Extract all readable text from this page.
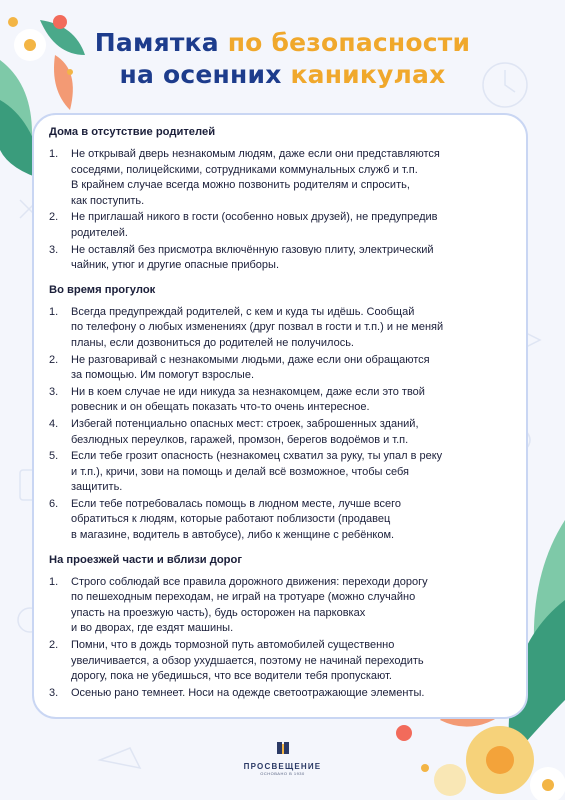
Памятка по безопасности
на осенних каникулах
Дома в отсутствие родителей
1.	Не открывай дверь незнакомым людям, даже если они представляются
соседями, полицейскими, сотрудниками коммунальных служб и т.п.
В крайнем случае всегда можно позвонить родителям и спросить,
как поступить.
2.	Не приглашай никого в гости (особенно новых друзей), не предупредив
родителей.
3.	Не оставляй без присмотра включённую газовую плиту, электрический
чайник, утюг и другие опасные приборы.
Во время прогулок
1.	Всегда предупреждай родителей, с кем и куда ты идёшь. Сообщай
по телефону о любых изменениях (друг позвал в гости и т.п.) и не меняй
планы, если дозвониться до родителей не получилось.
2.	Не разговаривай с незнакомыми людьми, даже если они обращаются
за помощью. Им помогут взрослые.
3.	Ни в коем случае не иди никуда за незнакомцем, даже если это твой
ровесник и он обещать показать что-то очень интересное.
4.	Избегай потенциально опасных мест: строек, заброшенных зданий,
безлюдных переулков, гаражей, промзон, берегов водоёмов и т.п.
5.	Если тебе грозит опасность (незнакомец схватил за руку, ты упал в реку
и т.п.), кричи, зови на помощь и делай всё возможное, чтобы себя
защитить.
6.	Если тебе потребовалась помощь в людном месте, лучше всего
обратиться к людям, которые работают поблизости (продавец
в магазине, водитель в автобусе), либо к женщине с ребёнком.
На проезжей части и вблизи дорог
1.	Строго соблюдай все правила дорожного движения: переходи дорогу
по пешеходным переходам, не играй на тротуаре (можно случайно
упасть на проезжую часть), будь осторожен на парковках
и во дворах, где ездят машины.
2.	Помни, что в дождь тормозной путь автомобилей существенно
увеличивается, а обзор ухудшается, поэтому не начинай переходить
дорогу, пока не убедишься, что все водители тебя пропускают.
3.	Осенью рано темнеет. Носи на одежде светоотражающие элементы.
ПРОСВЕЩЕНИЕ
ОСНОВАНО В 1930
